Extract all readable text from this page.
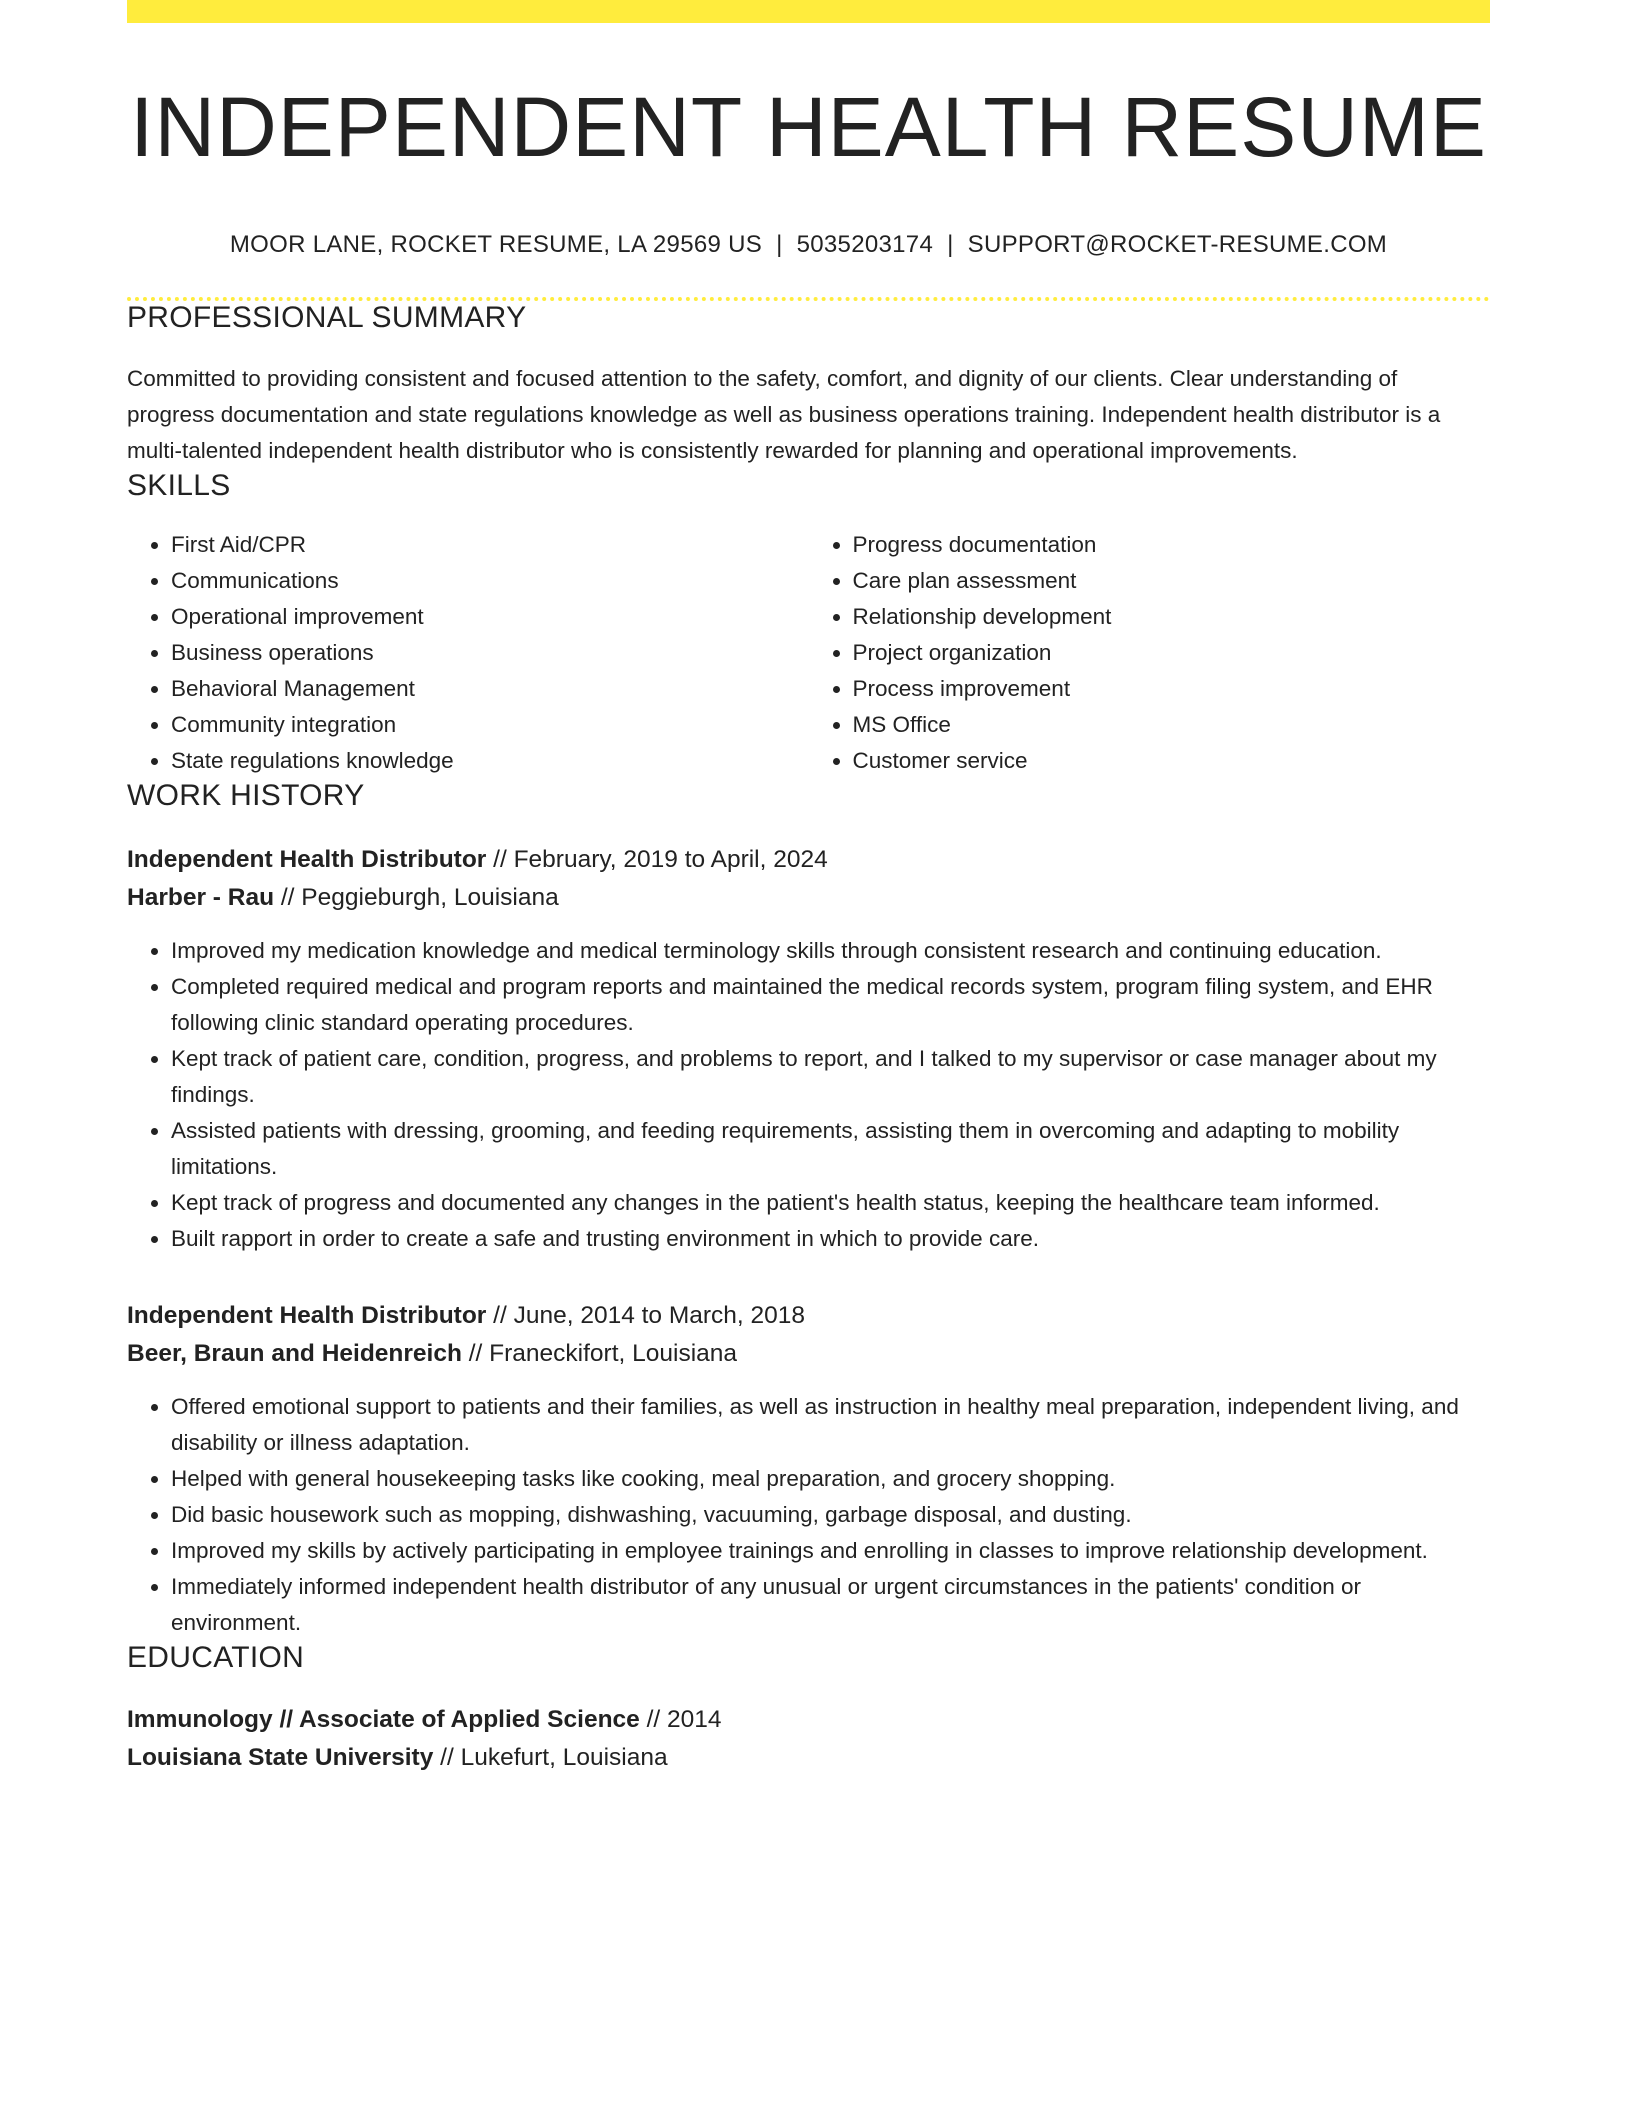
INDEPENDENT HEALTH RESUME
MOOR LANE, ROCKET RESUME, LA 29569 US | 5035203174 | SUPPORT@ROCKET-RESUME.COM
PROFESSIONAL SUMMARY

Committed to providing consistent and focused attention to the safety, comfort, and dignity of our clients. Clear understanding of progress documentation and state regulations knowledge as well as business operations training. Independent health distributor is a multi-talented independent health distributor who is consistently rewarded for planning and operational improvements.

SKILLS
• First Aid/CPR
• Communications
• Operational improvement
• Business operations
• Behavioral Management
• Community integration
• State regulations knowledge
• Progress documentation
• Care plan assessment
• Relationship development
• Project organization
• Process improvement
• MS Office
• Customer service
WORK HISTORY
Independent Health Distributor // February, 2019 to April, 2024
Harber - Rau // Peggieburgh, Louisiana
• Improved my medication knowledge and medical terminology skills through consistent research and continuing education.
• Completed required medical and program reports and maintained the medical records system, program filing system, and EHR following clinic standard operating procedures.
• Kept track of patient care, condition, progress, and problems to report, and I talked to my supervisor or case manager about my findings.
• Assisted patients with dressing, grooming, and feeding requirements, assisting them in overcoming and adapting to mobility limitations.
• Kept track of progress and documented any changes in the patient's health status, keeping the healthcare team informed.
• Built rapport in order to create a safe and trusting environment in which to provide care.
Independent Health Distributor // June, 2014 to March, 2018
Beer, Braun and Heidenreich // Franeckifort, Louisiana
• Offered emotional support to patients and their families, as well as instruction in healthy meal preparation, independent living, and disability or illness adaptation.
• Helped with general housekeeping tasks like cooking, meal preparation, and grocery shopping.
• Did basic housework such as mopping, dishwashing, vacuuming, garbage disposal, and dusting.
• Improved my skills by actively participating in employee trainings and enrolling in classes to improve relationship development.
• Immediately informed independent health distributor of any unusual or urgent circumstances in the patients' condition or environment.
EDUCATION
Immunology // Associate of Applied Science // 2014
Louisiana State University // Lukefurt, Louisiana
